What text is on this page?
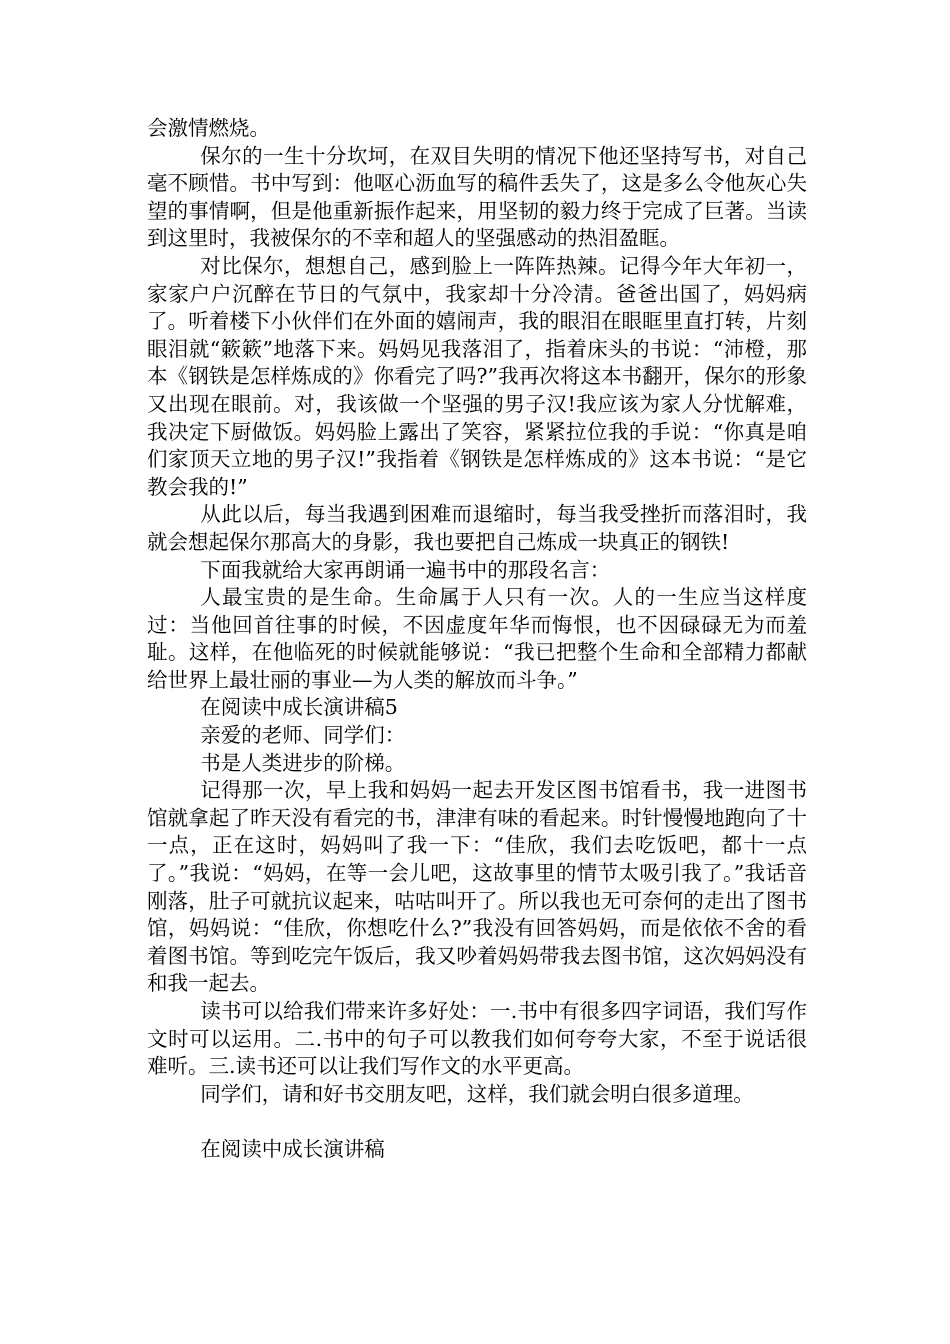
会激情燃烧。

保尔的一生十分坎坷，在双目失明的情况下他还坚持写书，对自己毫不顾惜。书中写到：他呕心沥血写的稿件丢失了，这是多么令他灰心失望的事情啊，但是他重新振作起来，用坚韧的毅力终于完成了巨著。当读到这里时，我被保尔的不幸和超人的坚强感动的热泪盈眶。

对比保尔，想想自己，感到脸上一阵阵热辣。记得今年大年初一，家家户户沉醉在节日的气氛中，我家却十分冷清。爸爸出国了，妈妈病了。听着楼下小伙伴们在外面的嬉闹声，我的眼泪在眼眶里直打转，片刻眼泪就“簌簌”地落下来。妈妈见我落泪了，指着床头的书说：“沛橙，那本《钢铁是怎样炼成的》你看完了吗?”我再次将这本书翻开，保尔的形象又出现在眼前。对，我该做一个坚强的男子汉!我应该为家人分忧解难，我决定下厨做饭。妈妈脸上露出了笑容，紧紧拉位我的手说：“你真是咱们家顶天立地的男子汉!”我指着《钢铁是怎样炼成的》这本书说：“是它教会我的!”

从此以后，每当我遇到困难而退缩时，每当我受挫折而落泪时，我就会想起保尔那高大的身影，我也要把自己炼成一块真正的钢铁!

下面我就给大家再朗诵一遍书中的那段名言：

人最宝贵的是生命。生命属于人只有一次。人的一生应当这样度过：当他回首往事的时候，不因虚度年华而悔恨，也不因碌碌无为而羞耻。这样，在他临死的时候就能够说：“我已把整个生命和全部精力都献给世界上最壮丽的事业—为人类的解放而斗争。”

在阅读中成长演讲稿5

亲爱的老师、同学们：

书是人类进步的阶梯。

记得那一次，早上我和妈妈一起去开发区图书馆看书，我一进图书馆就拿起了昨天没有看完的书，津津有味的看起来。时针慢慢地跑向了十一点，正在这时，妈妈叫了我一下：“佳欣，我们去吃饭吧，都十一点了。”我说：“妈妈，在等一会儿吧，这故事里的情节太吸引我了。”我话音刚落，肚子可就抗议起来，咕咕叫开了。所以我也无可奈何的走出了图书馆，妈妈说：“佳欣，你想吃什么?”我没有回答妈妈，而是依依不舍的看着图书馆。等到吃完午饭后，我又吵着妈妈带我去图书馆，这次妈妈没有和我一起去。

读书可以给我们带来许多好处：一.书中有很多四字词语，我们写作文时可以运用。二.书中的句子可以教我们如何夸夸大家，不至于说话很难听。三.读书还可以让我们写作文的水平更高。

同学们，请和好书交朋友吧，这样，我们就会明白很多道理。

在阅读中成长演讲稿
